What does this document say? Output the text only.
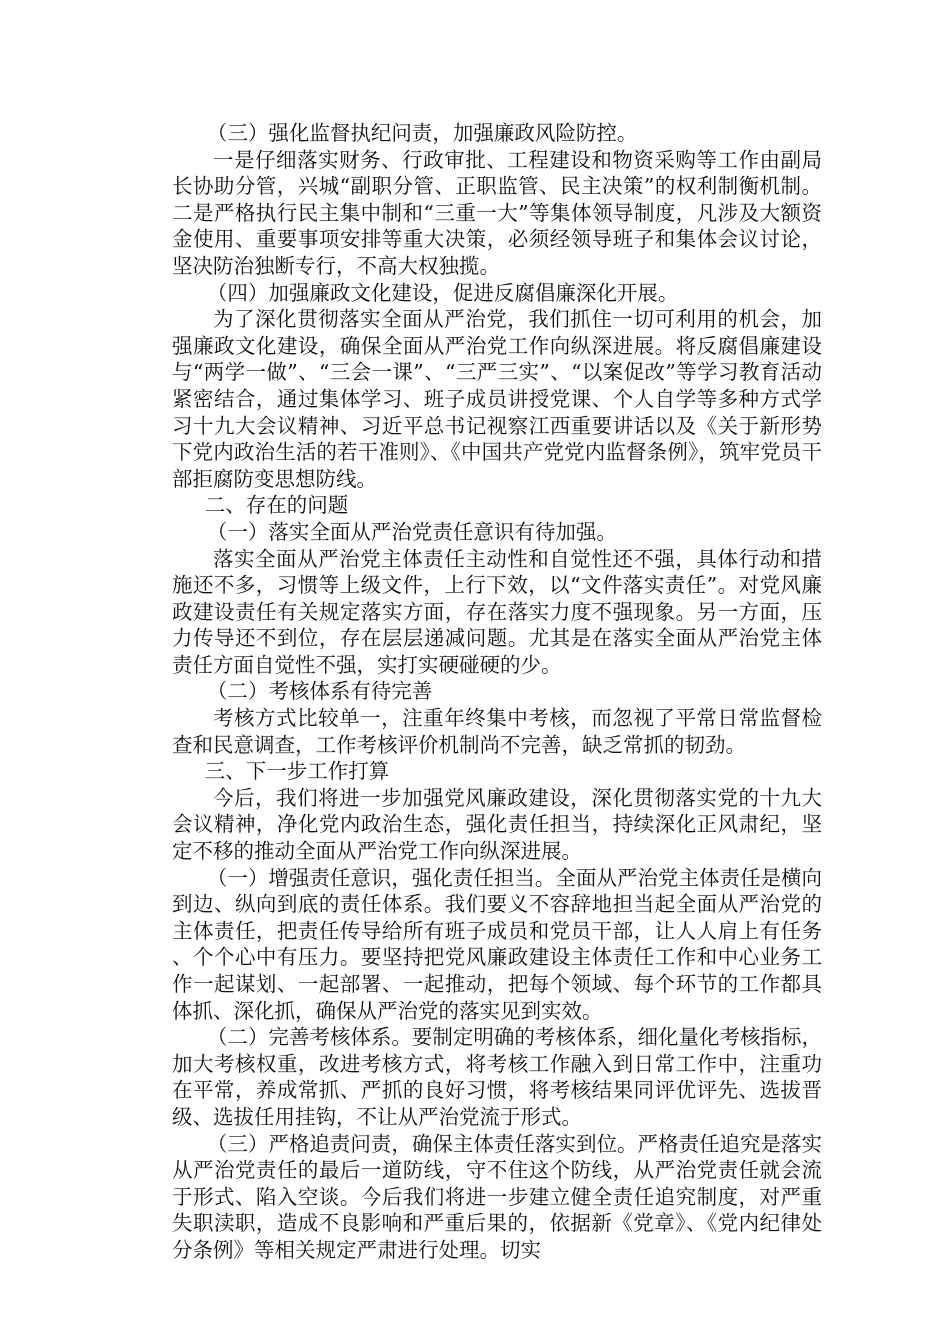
（三）强化监督执纪问责，加强廉政风险防控。

一是仔细落实财务、行政审批、工程建设和物资采购等工作由副局长协助分管，兴城“副职分管、正职监管、民主决策”的权利制衡机制。二是严格执行民主集中制和“三重一大”等集体领导制度，凡涉及大额资金使用、重要事项安排等重大决策，必须经领导班子和集体会议讨论，坚决防治独断专行，不高大权独揽。

（四）加强廉政文化建设，促进反腐倡廉深化开展。

为了深化贯彻落实全面从严治党，我们抓住一切可利用的机会，加强廉政文化建设，确保全面从严治党工作向纵深进展。将反腐倡廉建设与“两学一做”、“三会一课”、“三严三实”、“以案促改”等学习教育活动紧密结合，通过集体学习、班子成员讲授党课、个人自学等多种方式学习十九大会议精神、习近平总书记视察江西重要讲话以及《关于新形势下党内政治生活的若干准则》、《中国共产党党内监督条例》，筑牢党员干部拒腐防变思想防线。

二、存在的问题

（一）落实全面从严治党责任意识有待加强。

落实全面从严治党主体责任主动性和自觉性还不强，具体行动和措施还不多，习惯等上级文件，上行下效，以“文件落实责任”。对党风廉政建设责任有关规定落实方面，存在落实力度不强现象。另一方面，压力传导还不到位，存在层层递减问题。尤其是在落实全面从严治党主体责任方面自觉性不强，实打实硬碰硬的少。

（二）考核体系有待完善

考核方式比较单一，注重年终集中考核，而忽视了平常日常监督检查和民意调查，工作考核评价机制尚不完善，缺乏常抓的韧劲。

三、下一步工作打算

今后，我们将进一步加强党风廉政建设，深化贯彻落实党的十九大会议精神，净化党内政治生态，强化责任担当，持续深化正风肃纪，坚定不移的推动全面从严治党工作向纵深进展。

（一）增强责任意识，强化责任担当。全面从严治党主体责任是横向到边、纵向到底的责任体系。我们要义不容辞地担当起全面从严治党的主体责任，把责任传导给所有班子成员和党员干部，让人人肩上有任务、个个心中有压力。要坚持把党风廉政建设主体责任工作和中心业务工作一起谋划、一起部署、一起推动，把每个领域、每个环节的工作都具体抓、深化抓，确保从严治党的落实见到实效。

（二）完善考核体系。要制定明确的考核体系，细化量化考核指标，加大考核权重，改进考核方式，将考核工作融入到日常工作中，注重功在平常，养成常抓、严抓的良好习惯，将考核结果同评优评先、选拔晋级、选拔任用挂钩，不让从严治党流于形式。

（三）严格追责问责，确保主体责任落实到位。严格责任追究是落实从严治党责任的最后一道防线，守不住这个防线，从严治党责任就会流于形式、陷入空谈。今后我们将进一步建立健全责任追究制度，对严重失职渎职，造成不良影响和严重后果的，依据新《党章》、《党内纪律处分条例》等相关规定严肃进行处理。切实
